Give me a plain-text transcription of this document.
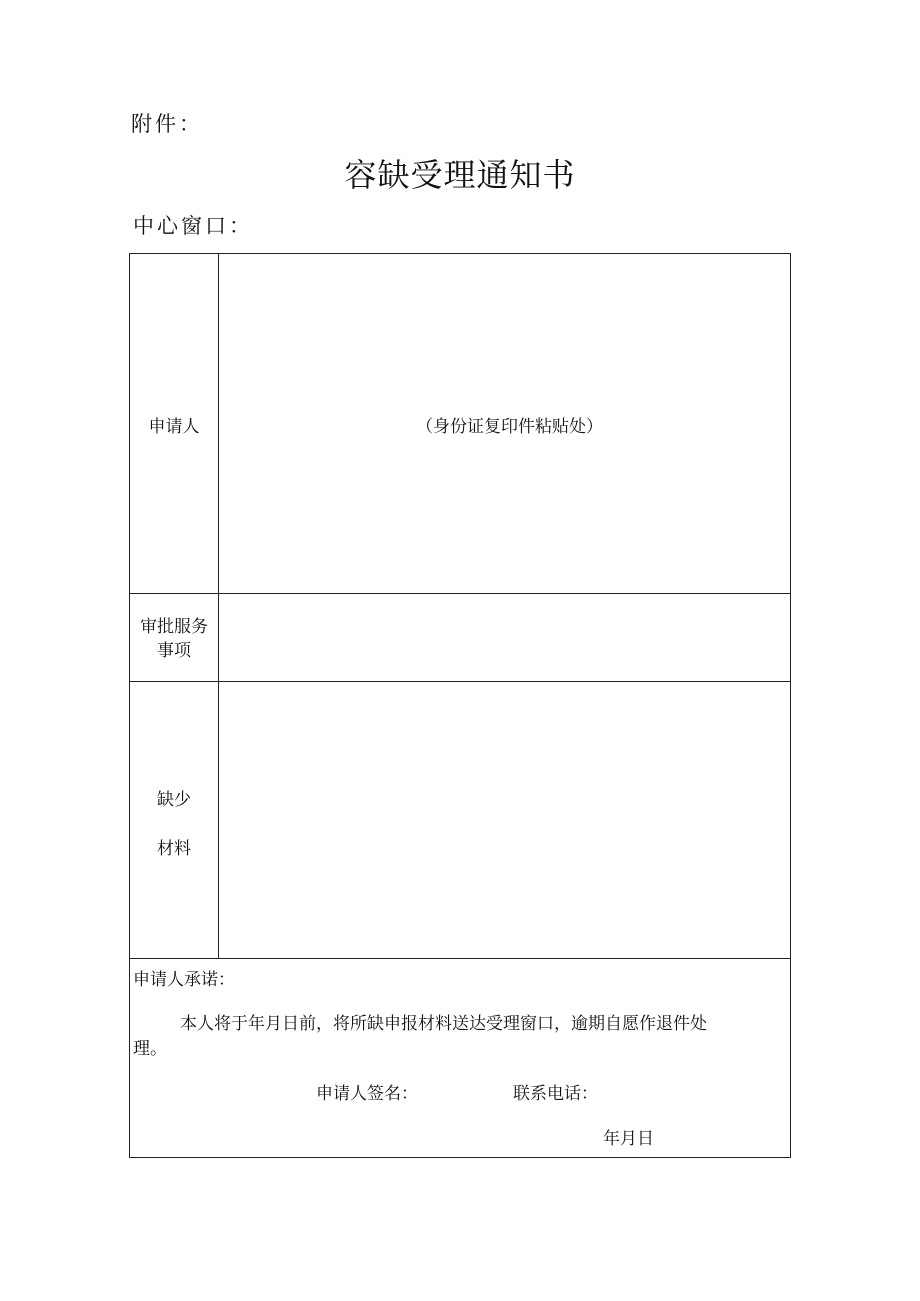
附件：
容缺受理通知书
中心窗口：
申请人	（身份证复印件粘贴处）
审批服务
事项
缺少
材料
申请人承诺：
本人将于年月日前，将所缺申报材料送达受理窗口，逾期自愿作退件处
理。
申请人签名：	联系电话：
年月日
